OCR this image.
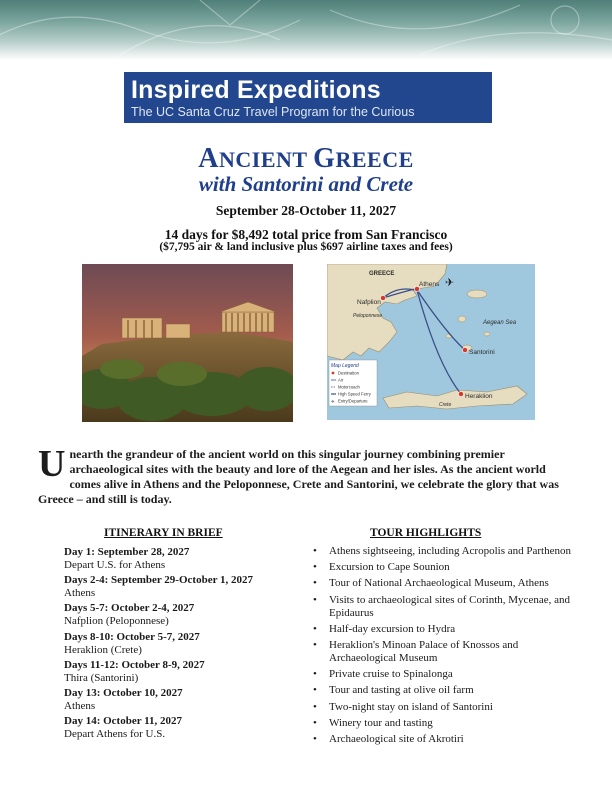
Inspired Expeditions
The UC Santa Cruz Travel Program for the Curious
ANCIENT GREECE
with Santorini and Crete
September 28-October 11, 2027
14 days for $8,492 total price from San Francisco
($7,795 air & land inclusive plus $697 airline taxes and fees)
✈
GREECE
Athens
Nafplion
Peloponnese
Aegean Sea
Santorini
Heraklion
Crete
Map Legend
✈
Destination
Air
Motorcoach
High Speed Ferry
Entry/Departure
Unearth the grandeur of the ancient world on this singular journey combining premier archaeological sites with the beauty and lore of the Aegean and her isles. As the ancient world comes alive in Athens and the Peloponnese, Crete and Santorini, we celebrate the glory that was Greece – and still is today.
ITINERARY IN BRIEF	TOUR HIGHLIGHTS
Day 1: September 28, 2027
Depart U.S. for Athens
Days 2-4: September 29-October 1, 2027
Athens
Days 5-7: October 2-4, 2027
Nafplion (Peloponnese)
Days 8-10: October 5-7, 2027
Heraklion (Crete)
Days 11-12: October 8-9, 2027
Thira (Santorini)
Day 13: October 10, 2027
Athens
Day 14: October 11, 2027
Depart Athens for U.S.
• Athens sightseeing, including Acropolis and Parthenon
• Excursion to Cape Sounion
• Tour of National Archaeological Museum, Athens
• Visits to archaeological sites of Corinth, Mycenae, and Epidaurus
• Half-day excursion to Hydra
• Heraklion's Minoan Palace of Knossos and Archaeological Museum
• Private cruise to Spinalonga
• Tour and tasting at olive oil farm
• Two-night stay on island of Santorini
• Winery tour and tasting
• Archaeological site of Akrotiri
